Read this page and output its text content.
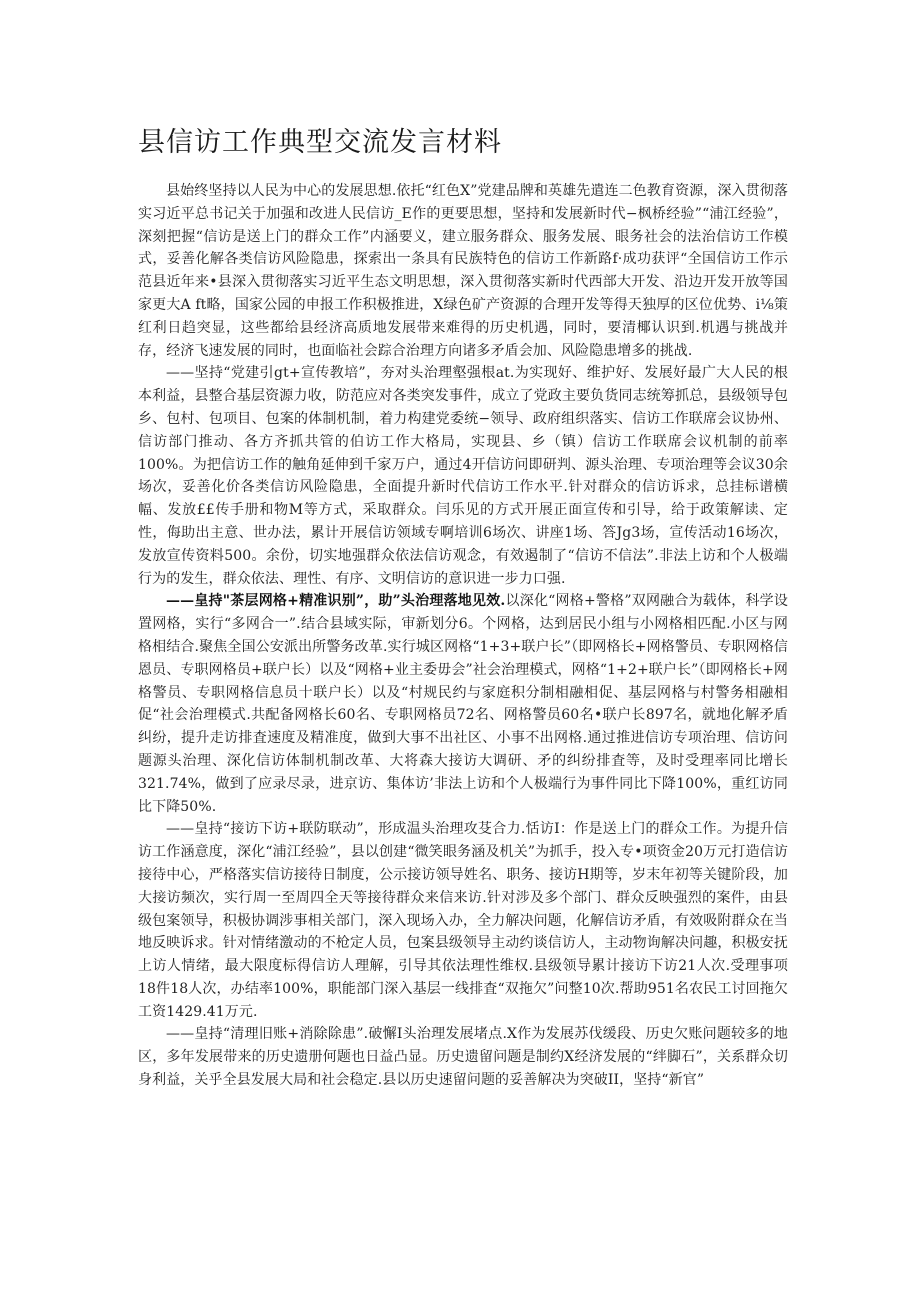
县信访工作典型交流发言材料

县始终坚持以人民为中心的发展思想.依托“红色X”党建品牌和英雄先遣连二色教育资源，深入贯彻落实习近平总书记关于加强和改进人民信访_E作的更要思想，坚持和发展新时代−枫桥经验”“浦江经验”，深刻把握“信访是送上门的群众工作”内涵要义，建立服务群众、服务发展、眼务社会的法治信访工作模式，妥善化解各类信访风险隐患，探索出一条具有民族特色的信访工作新路f·成功获评“全国信访工作示范县近年来•县深入贯彻落实习近平生态文明思想，深入贯彻落实新时代西部大开发、沿边开发开放等国家更大A ft略，国家公园的申报工作积极推进，X绿色矿产资源的合理开发等得天独厚的区位优势、i⅛策红利日趋突显，这些都给县经济高质地发展带来难得的历史机遇，同时，要清椰认识到.机遇与挑战并存，经济飞速发展的同时，也面临社会踪合治理方向诸多矛盾会加、风险隐患增多的挑战.

——坚持“党建引gt+宣传教培”，夯对头治理壑强根at.为实现好、维护好、发展好最广大人民的根本利益，县整合基层资源力收，防范应对各类突发事件，成立了党政主要负货同志统筹抓总，县级领导包乡、包村、包项目、包案的体制机制，着力构建党委统−领导、政府组织落实、信访工作联席会议协州、信访部门推动、各方齐抓共管的伯访工作大格局，实现县、乡（镇）信访工作联席会议机制的前率100%。为把信访工作的触角延伸到千家万户，通过4开信访问即研判、源头治理、专项治理等会议30余场次，妥善化价各类信访风险隐患，全面提升新时代信访工作水平.针对群众的信访诉求，总挂标谱横幅、发放££传手册和物M等方式，采取群众。闫乐见的方式开展正面宣传和引导，给于政策解读、定性，侮助出主意、世办法，累计开展信访领域专啊培训6场次、讲座1场、答Jg3场，宣传活动16场次，发放宣传资料500。余份，切实地强群众依法信访观念，有效遏制了“信访不信法”.非法上访和个人极端行为的发生，群众依法、理性、有序、文明信访的意识进一步力口强.

——皇持"茶层网格+精准识别”，助”头治理落地见效.以深化“网格+警格”双网融合为载体，科学设置网格，实行“多网合一”.结合县域实际，审新划分6。个网格，达到居民小组与小网格相匹配.小区与网格相结合.聚焦全国公安派出所警务改革.实行城区网格“1+3+联户长”（即网格长+网格警员、专职网格信恩员、专职网格员+联户长）以及“网格+业主委毋会”社会治理模式，网格“1+2+联户长”（即网格长+网格警员、专职网格信息员十联户长）以及“村规民约与家庭积分制相融相促、基层网格与村警务相融相促“社会治理模式.共配备网格长60名、专职网格员72名、网格警员60名•联户长897名，就地化解矛盾纠纷，提升走访排査速度及精准度，做到大事不出社区、小事不出网格.通过推进信访专项治理、信访问题源头治理、深化信访体制机制改革、大将森大接访大调研、矛的纠纷排査等，及时受理率同比增长321.74%，做到了应录尽录，进京访、集体访’非法上访和个人极端行为事件同比下降100%，重红访同比下降50%.

——皇持“接访下访+联防联动”，形成温头治理攻芟合力.恬访I：作是送上门的群众工作。为提升信访工作涵意度，深化“浦江经验”，县以创建“微笑眼务涵及机关”为抓手，投入专•项资金20万元打造信访接待中心，严格落实信访接待日制度，公示接访领导姓名、职务、接访H期等，岁末年初等关键阶段，加大接访频次，实行周一至周四全天等接待群众来信来访.针对涉及多个部门、群众反映强烈的案件，由县级包案领导，积极协调涉事相关部门，深入现场入办，全力解决问题，化解信访矛盾，有效吸附群众在当地反映诉求。针对情绪激动的不枪定人员，包案县级领导主动约谈信访人，主动物询解决问趣，积极安抚上访人情绪，最大限度标得信访人理解，引导其依法理性维权.县级领导累计接访下访21人次.受理事项18件18人次，办结率100%，职能部门深入基层一线排査“双拖欠”问整10次.帮助951名农民工讨回拖欠工资1429.41万元.

——皇持“清理旧账+消除除患”.破懈I头治理发展堵点.X作为发展苏伐缓段、历史欠账问题较多的地区，多年发展带来的历史遗册何题也日益凸显。历史遗留问题是制约X经济发展的“绊脚石”，关系群众切身利益，关乎全县发展大局和社会稳定.县以历史速留问题的妥善解决为突破II，坚持“新官”
